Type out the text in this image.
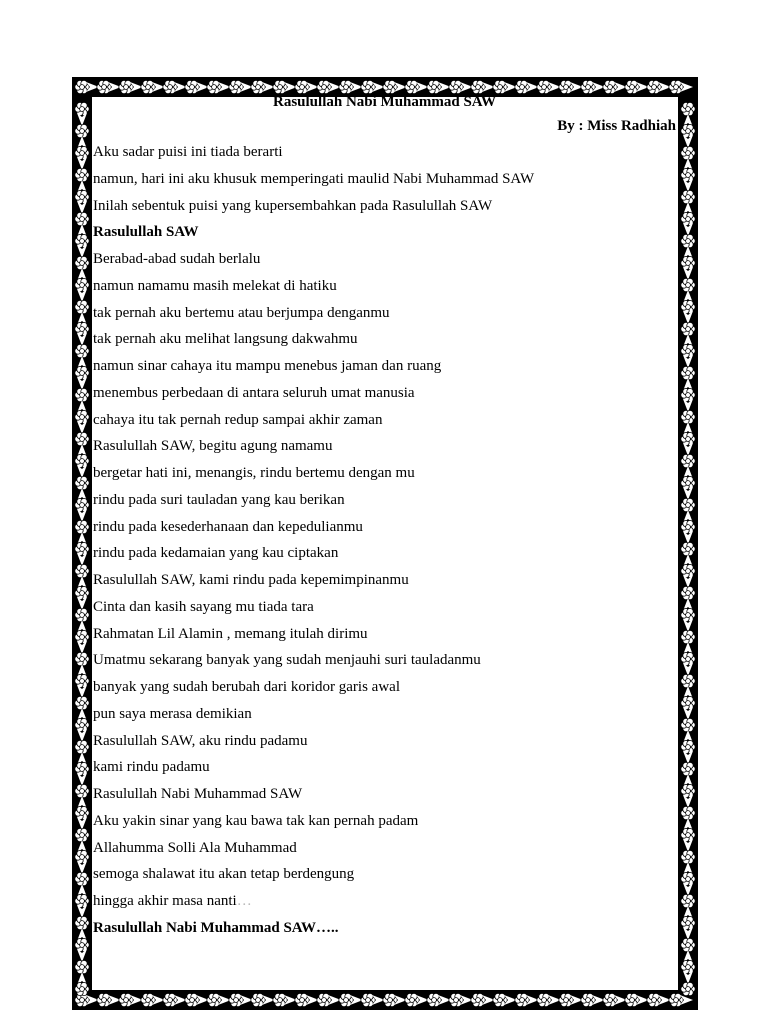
Rasulullah Nabi Muhammad SAW
By : Miss Radhiah
Aku sadar puisi ini tiada berarti
namun, hari ini aku khusuk memperingati maulid Nabi Muhammad SAW
Inilah sebentuk puisi yang kupersembahkan pada Rasulullah SAW
Rasulullah SAW
Berabad-abad sudah berlalu
namun namamu masih melekat di hatiku
tak pernah aku bertemu atau berjumpa denganmu
tak pernah aku melihat langsung dakwahmu
namun sinar cahaya itu mampu menebus jaman dan ruang
menembus perbedaan di antara seluruh umat manusia
cahaya itu tak pernah redup sampai akhir zaman
Rasulullah SAW, begitu agung namamu
bergetar hati ini, menangis, rindu bertemu dengan mu
rindu pada suri tauladan yang kau berikan
rindu pada kesederhanaan dan kepedulianmu
rindu pada kedamaian yang kau ciptakan
Rasulullah SAW, kami rindu pada kepemimpinanmu
Cinta dan kasih sayang mu tiada tara
Rahmatan Lil Alamin , memang itulah dirimu
Umatmu sekarang banyak yang sudah menjauhi suri tauladanmu
banyak yang sudah berubah dari koridor garis awal
pun saya merasa demikian
Rasulullah SAW, aku rindu padamu
kami rindu padamu
Rasulullah Nabi Muhammad SAW
Aku yakin sinar yang kau bawa tak kan pernah padam
Allahumma Solli Ala Muhammad
semoga shalawat itu akan tetap berdengung
hingga akhir masa nanti…
Rasulullah Nabi Muhammad SAW…..
